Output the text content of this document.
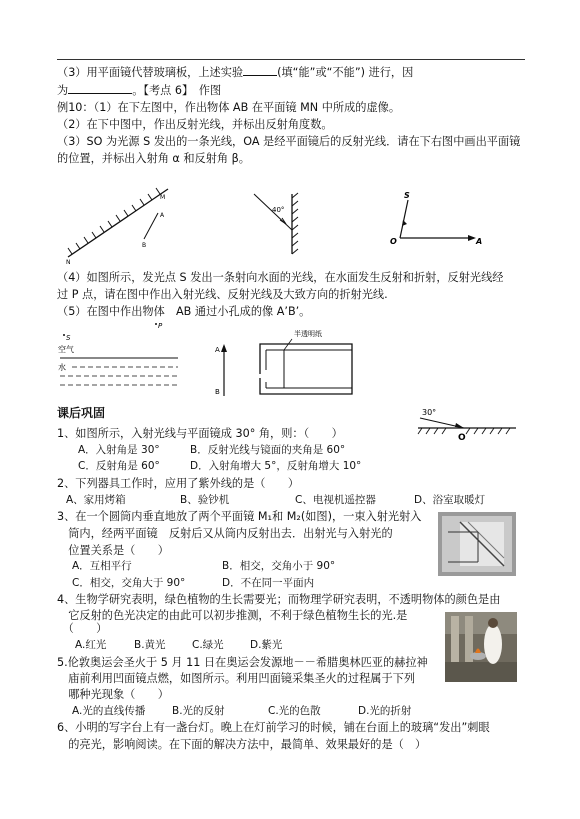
（3）用平面镜代替玻璃板，上述实验	(填“能”或“不能”) 进行，因
为	。【考点 6】　作图
例10：（1）在下左图中，作出物体 AB 在平面镜 MN 中所成的虚像。
（2）在下中图中，作出反射光线，并标出反射角度数。
（3）SO 为光源 S 发出的一条光线，OA 是经平面镜后的反射光线．请在下右图中画出平面镜
的位置，并标出入射角 α 和反射角 β。
M
A
B
N
40°
S
O	A
（4）如图所示，发光点 S 发出一条射向水面的光线，在水面发生反射和折射，反射光线经
过 P 点，请在图中作出入射光线、反射光线及大致方向的折射光线.
（5）在图中作出物体　AB 通过小孔成的像 A’B’。
P
S
空气
水
A
B
半透明纸
课后巩固	30°
O
1、如图所示，入射光线与平面镜成 30° 角，则：（　　）
A．入射角是 30°	B．反射光线与镜面的夹角是 60°
C．反射角是 60°	D．入射角增大 5°，反射角增大 10°
2、下列器具工作时，应用了紫外线的是（　　）
A、家用烤箱	B、验钞机	C、电视机遥控器	D、浴室取暖灯
3、在一个圆筒内垂直地放了两个平面镜 M₁和 M₂(如图)，一束入射光射入
　筒内，经两平面镜　反射后又从筒内反射出去．出射光与入射光的
　位置关系是（　　）
A．互相平行	B．相交，交角小于 90°
C．相交，交角大于 90°	D．不在同一平面内
4、生物学研究表明，绿色植物的生长需要光；而物理学研究表明，不透明物体的颜色是由
　它反射的色光决定的由此可以初步推测，不利于绿色植物生长的光.是
　（　　）
A.红光	B.黄光	C.绿光	D.紫光
5.伦敦奥运会圣火于 5 月 11 日在奥运会发源地－－希腊奥林匹亚的赫拉神
　庙前利用凹面镜点燃，如图所示。利用凹面镜采集圣火的过程属于下列
　哪种光现象（　　）
A.光的直线传播	B.光的反射	C.光的色散	D.光的折射
6、小明的写字台上有一盏台灯。晚上在灯前学习的时候，铺在台面上的玻璃“发出”刺眼
　的亮光，影响阅读。在下面的解决方法中，最简单、效果最好的是（　）
